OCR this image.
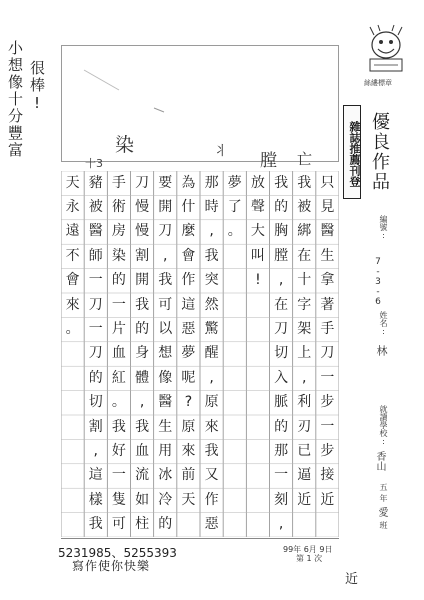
小想像十分豐富 很棒!
十3
染	丬 膛 亡
絲縷標章
雜誌推薦刊登 優良作品
編號:
7-3-6
姓名:
林
就讀學校:
香山
五
年
愛
班
只
見
醫
生
拿
著
手
刀
一
步
一
步
接
近
我
被
綁
在
十
字
架
上
,
利
刃
已
逼
近
我
的
胸
膛
,
在
刀
切
入
脈
的
那
一
刻
,
放
聲
大
叫
!
夢
了
。
那
時
,
我
突
然
驚
醒
,
原
來
我
又
作
惡
為
什
麼
會
作
這
惡
夢
呢
?
原
來
前
天
要
開
刀
,
我
可
以
想
像
醫
生
用
冰
冷
的
刀
慢
慢
割
開
我
的
身
體
,
我
血
流
如
柱
手
術
房
染
的
一
片
血
紅
。
我
好
一
隻
可
豬
被
醫
師
一
刀
一
刀
的
切
割
,
這
樣
我
天
永
遠
不
會
來
。
5231985、5255393
寫作使你快樂
99年 6月 9日
第 1 次
近
